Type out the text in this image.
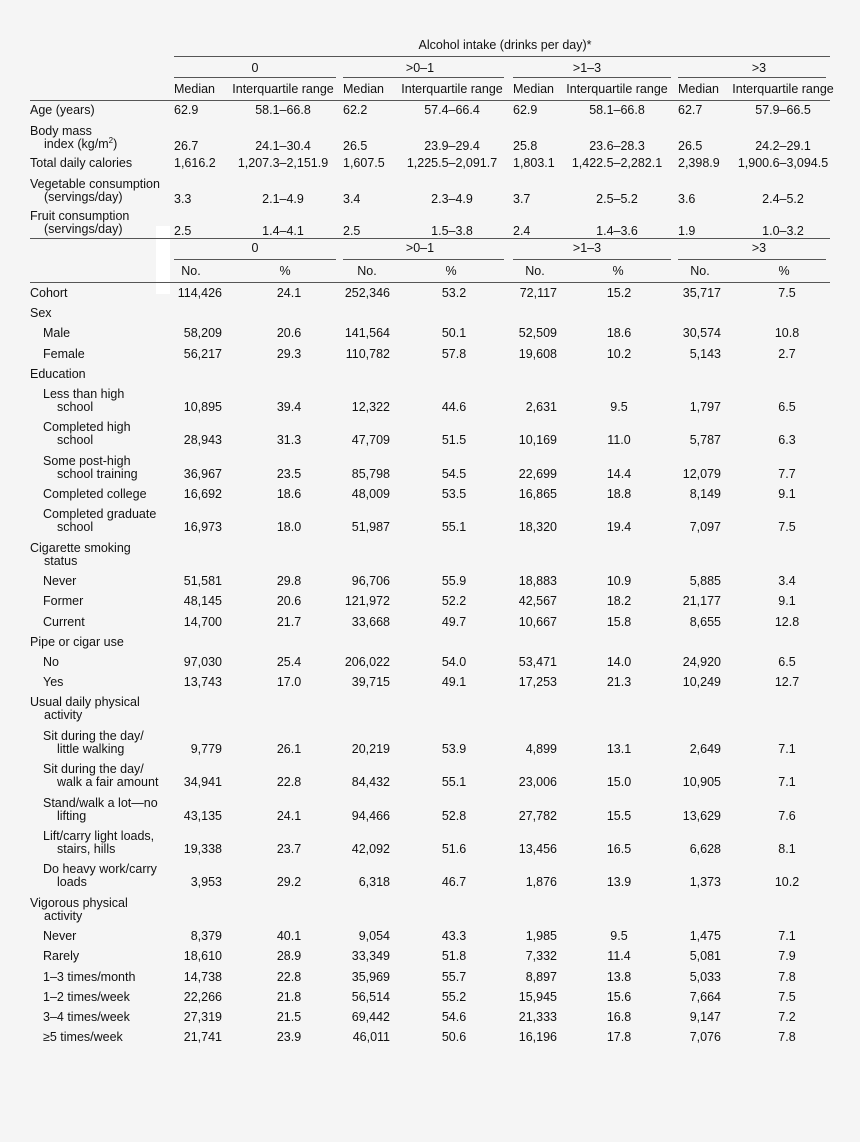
Alcohol intake (drinks per day)*
0	>0–1	>1–3	>3
Median Interquartile range Median Interquartile range Median Interquartile range Median Interquartile range
Age (years)	62.9	58.1–66.8	62.2	57.4–66.4	62.9	58.1–66.8	62.7	57.9–66.5
Body mass
index $(kg/m^2)$	26.7	24.1–30.4	26.5	23.9–29.4	25.8	23.6–28.3	26.5	24.2–29.1
Total daily calories	1,616.2 1,207.3–2,151.9 1,607.5 1,225.5–2,091.7 1,803.1 1,422.5–2,282.1 2,398.9 1,900.6–3,094.5
Vegetable consumption
(servings/day)	3.3	2.1–4.9	3.4	2.3–4.9	3.7	2.5–5.2	3.6	2.4–5.2
Fruit consumption
(servings/day)	2.5	1.4–4.1	2.5	1.5–3.8	2.4	1.4–3.6	1.9	1.0–3.2
0	>0–1	>1–3	>3
No.	%	No.	%	No.	%	No.	%
Cohort	114,426	24.1	252,346	53.2	72,117	15.2	35,717	7.5
Sex
Male	58,209	20.6	141,564	50.1	52,509	18.6	30,574	10.8
Female	56,217	29.3	110,782	57.8	19,608	10.2	5,143	2.7
Education
Less than high
school	10,895	39.4	12,322	44.6	2,631	9.5	1,797	6.5
Completed high
school	28,943	31.3	47,709	51.5	10,169	11.0	5,787	6.3
Some post-high
school training	36,967	23.5	85,798	54.5	22,699	14.4	12,079	7.7
Completed college	16,692	18.6	48,009	53.5	16,865	18.8	8,149	9.1
Completed graduate
school	16,973	18.0	51,987	55.1	18,320	19.4	7,097	7.5
Cigarette smoking
status
Never	51,581	29.8	96,706	55.9	18,883	10.9	5,885	3.4
Former	48,145	20.6	121,972	52.2	42,567	18.2	21,177	9.1
Current	14,700	21.7	33,668	49.7	10,667	15.8	8,655	12.8
Pipe or cigar use
No	97,030	25.4	206,022	54.0	53,471	14.0	24,920	6.5
Yes	13,743	17.0	39,715	49.1	17,253	21.3	10,249	12.7
Usual daily physical
activity
Sit during the day/
little walking	9,779	26.1	20,219	53.9	4,899	13.1	2,649	7.1
Sit during the day/
walk a fair amount 34,941	22.8	84,432	55.1	23,006	15.0	10,905	7.1
Stand/walk a lot—no
lifting	43,135	24.1	94,466	52.8	27,782	15.5	13,629	7.6
Lift/carry light loads,
stairs, hills	19,338	23.7	42,092	51.6	13,456	16.5	6,628	8.1
Do heavy work/carry
loads	3,953	29.2	6,318	46.7	1,876	13.9	1,373	10.2
Vigorous physical
activity
Never	8,379	40.1	9,054	43.3	1,985	9.5	1,475	7.1
Rarely	18,610	28.9	33,349	51.8	7,332	11.4	5,081	7.9
1–3 times/month	14,738	22.8	35,969	55.7	8,897	13.8	5,033	7.8
1–2 times/week	22,266	21.8	56,514	55.2	15,945	15.6	7,664	7.5
3–4 times/week	27,319	21.5	69,442	54.6	21,333	16.8	9,147	7.2
≥5 times/week	21,741	23.9	46,011	50.6	16,196	17.8	7,076	7.8
